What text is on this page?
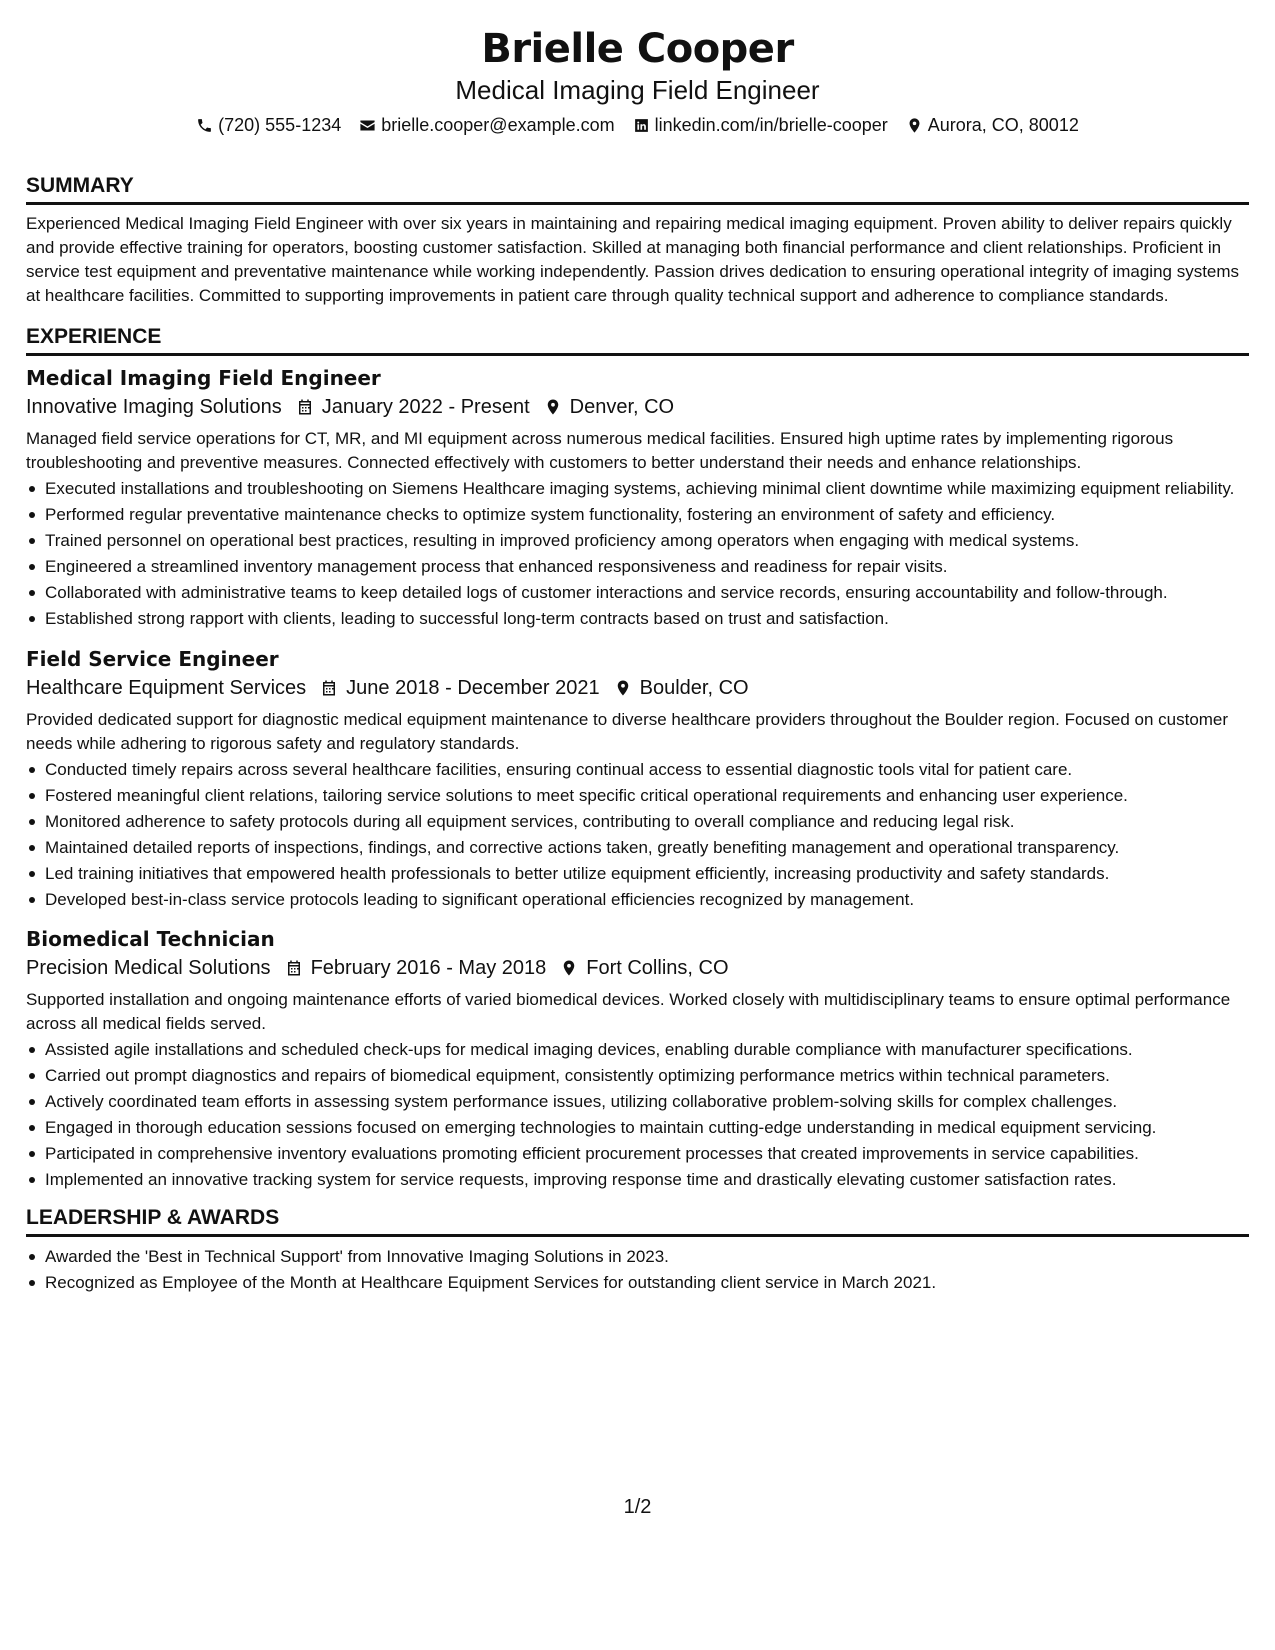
Brielle Cooper
Medical Imaging Field Engineer
(720) 555-1234 brielle.cooper@example.com linkedin.com/in/brielle-cooper Aurora, CO, 80012
SUMMARY
Experienced Medical Imaging Field Engineer with over six years in maintaining and repairing medical imaging equipment. Proven ability to deliver repairs quickly and provide effective training for operators, boosting customer satisfaction. Skilled at managing both financial performance and client relationships. Proficient in service test equipment and preventative maintenance while working independently. Passion drives dedication to ensuring operational integrity of imaging systems at healthcare facilities. Committed to supporting improvements in patient care through quality technical support and adherence to compliance standards.
EXPERIENCE
Medical Imaging Field Engineer
Innovative Imaging Solutions January 2022 - Present Denver, CO
Managed field service operations for CT, MR, and MI equipment across numerous medical facilities. Ensured high uptime rates by implementing rigorous troubleshooting and preventive measures. Connected effectively with customers to better understand their needs and enhance relationships.
Executed installations and troubleshooting on Siemens Healthcare imaging systems, achieving minimal client downtime while maximizing equipment reliability.
Performed regular preventative maintenance checks to optimize system functionality, fostering an environment of safety and efficiency.
Trained personnel on operational best practices, resulting in improved proficiency among operators when engaging with medical systems.
Engineered a streamlined inventory management process that enhanced responsiveness and readiness for repair visits.
Collaborated with administrative teams to keep detailed logs of customer interactions and service records, ensuring accountability and follow-through.
Established strong rapport with clients, leading to successful long-term contracts based on trust and satisfaction.
Field Service Engineer
Healthcare Equipment Services June 2018 - December 2021 Boulder, CO
Provided dedicated support for diagnostic medical equipment maintenance to diverse healthcare providers throughout the Boulder region. Focused on customer needs while adhering to rigorous safety and regulatory standards.
Conducted timely repairs across several healthcare facilities, ensuring continual access to essential diagnostic tools vital for patient care.
Fostered meaningful client relations, tailoring service solutions to meet specific critical operational requirements and enhancing user experience.
Monitored adherence to safety protocols during all equipment services, contributing to overall compliance and reducing legal risk.
Maintained detailed reports of inspections, findings, and corrective actions taken, greatly benefiting management and operational transparency.
Led training initiatives that empowered health professionals to better utilize equipment efficiently, increasing productivity and safety standards.
Developed best-in-class service protocols leading to significant operational efficiencies recognized by management.
Biomedical Technician
Precision Medical Solutions February 2016 - May 2018 Fort Collins, CO
Supported installation and ongoing maintenance efforts of varied biomedical devices. Worked closely with multidisciplinary teams to ensure optimal performance across all medical fields served.
Assisted agile installations and scheduled check-ups for medical imaging devices, enabling durable compliance with manufacturer specifications.
Carried out prompt diagnostics and repairs of biomedical equipment, consistently optimizing performance metrics within technical parameters.
Actively coordinated team efforts in assessing system performance issues, utilizing collaborative problem-solving skills for complex challenges.
Engaged in thorough education sessions focused on emerging technologies to maintain cutting-edge understanding in medical equipment servicing.
Participated in comprehensive inventory evaluations promoting efficient procurement processes that created improvements in service capabilities.
Implemented an innovative tracking system for service requests, improving response time and drastically elevating customer satisfaction rates.
LEADERSHIP & AWARDS
Awarded the 'Best in Technical Support' from Innovative Imaging Solutions in 2023.
Recognized as Employee of the Month at Healthcare Equipment Services for outstanding client service in March 2021.
1/2
